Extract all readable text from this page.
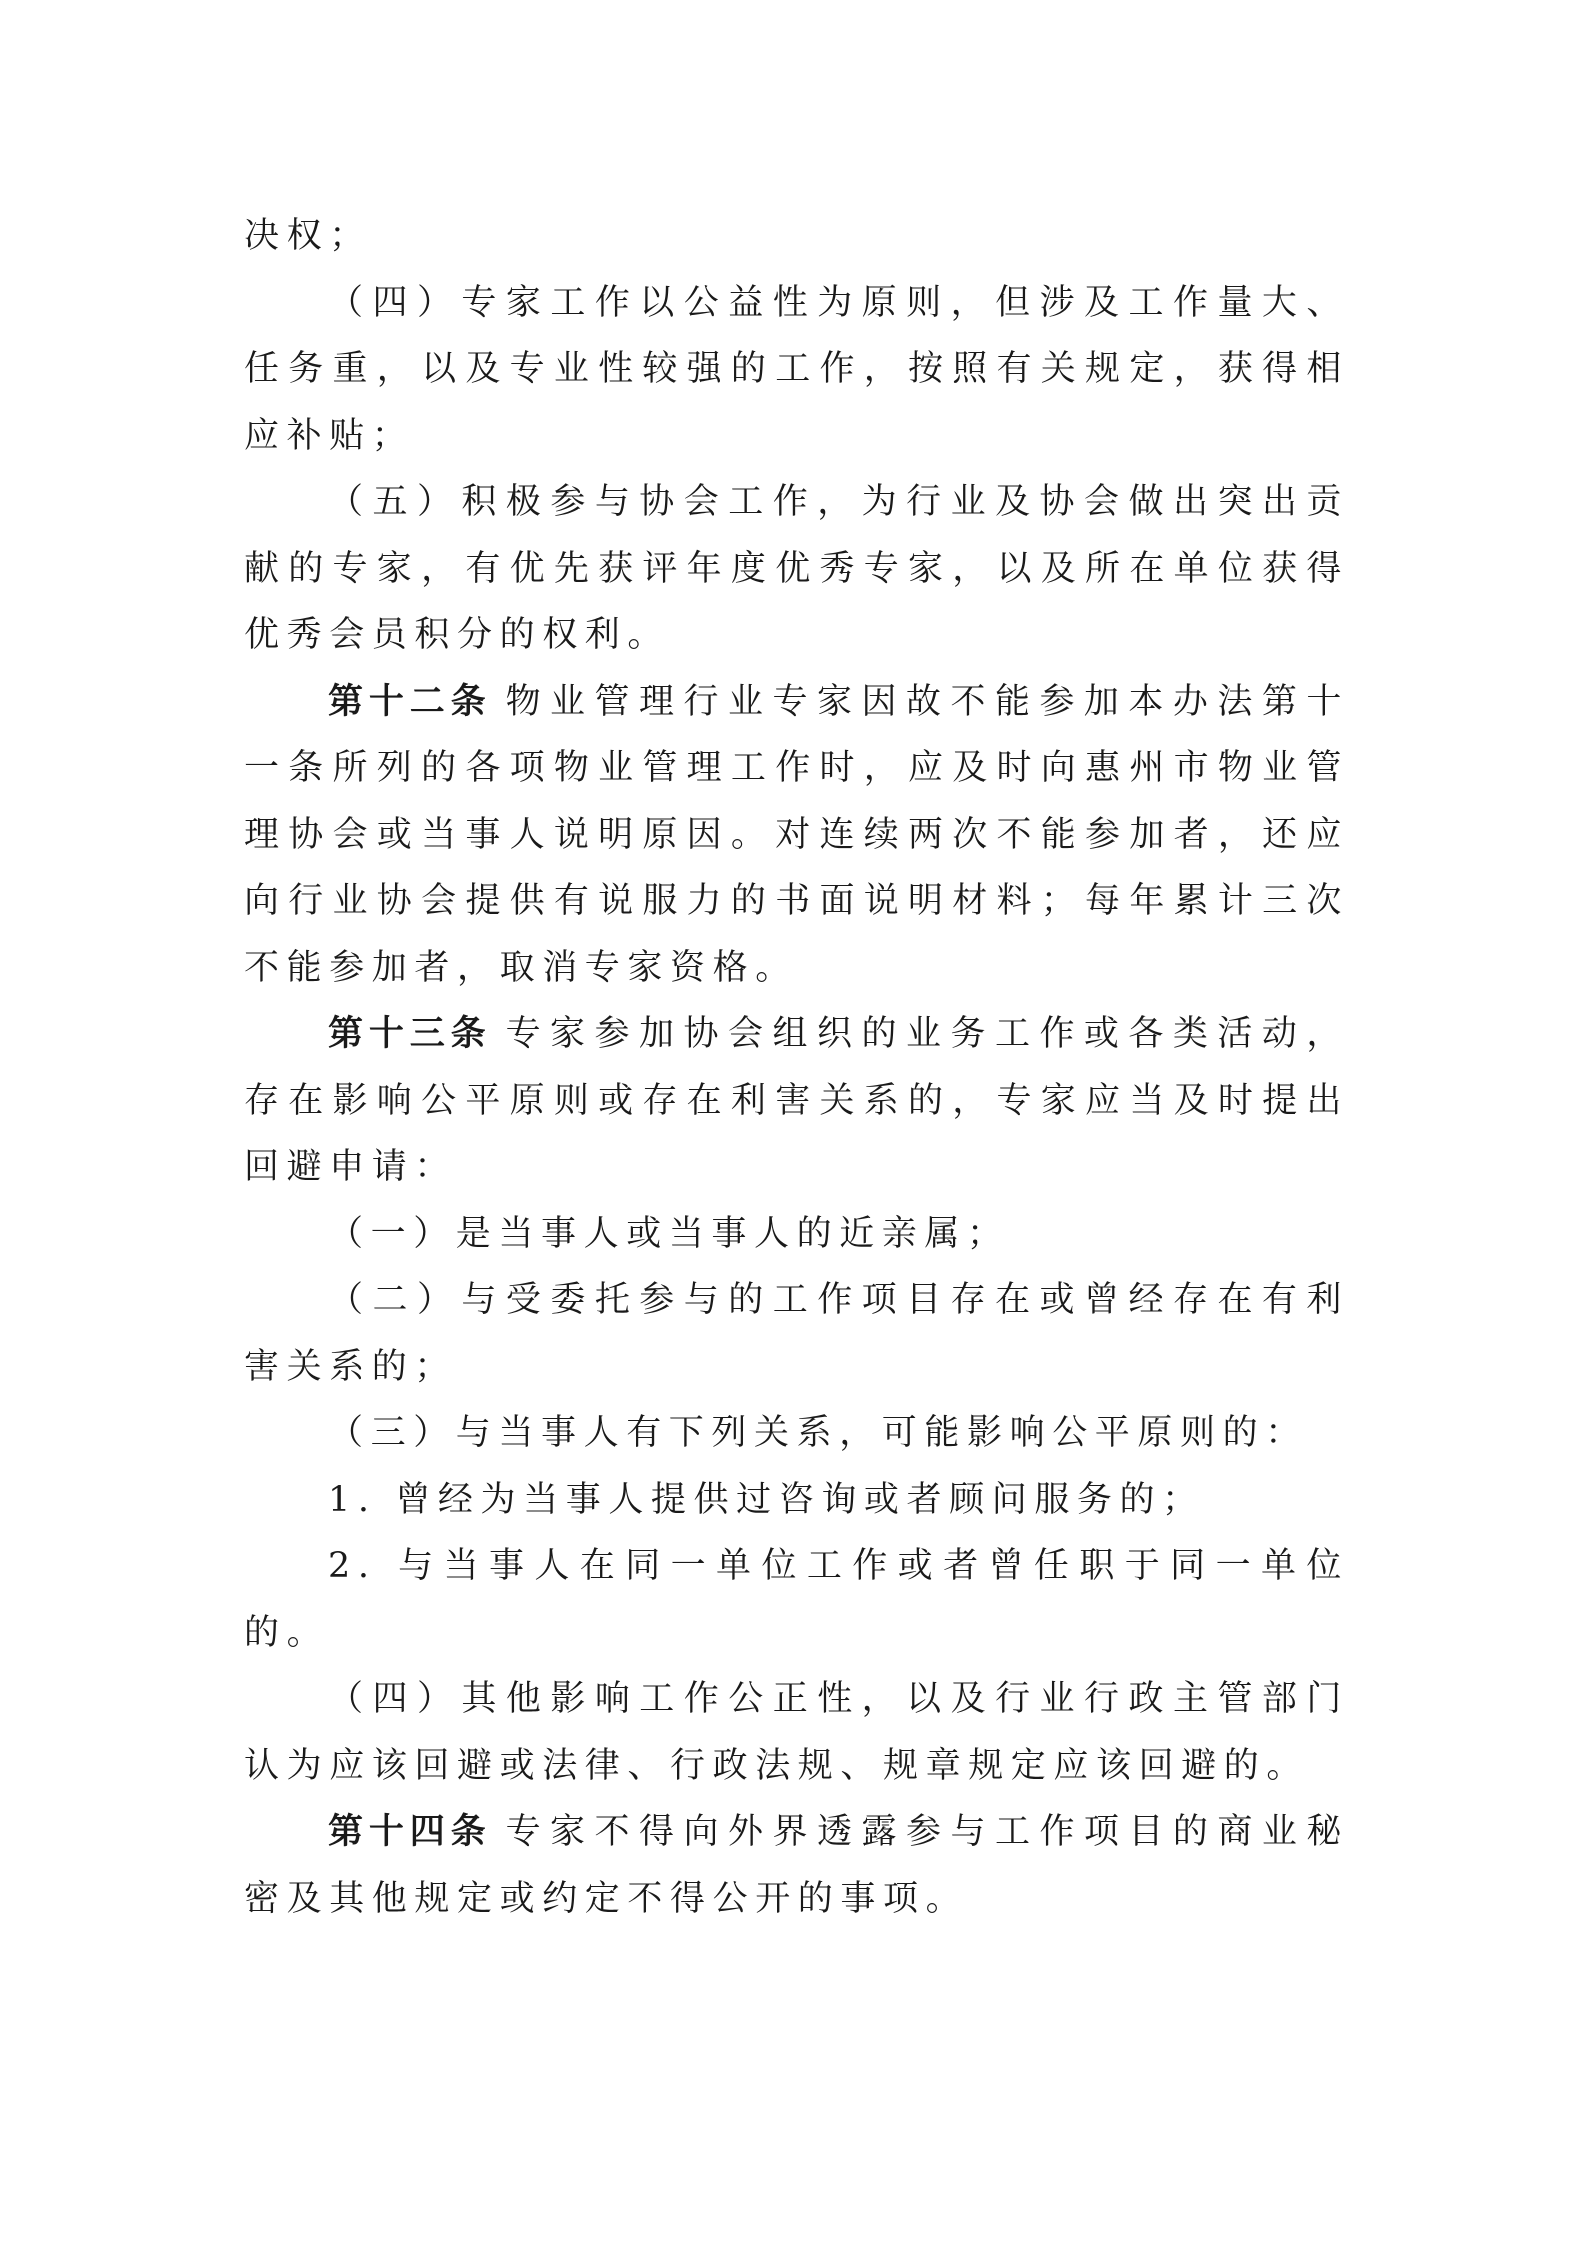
决权；

（四）专家工作以公益性为原则，但涉及工作量大、任务重，以及专业性较强的工作，按照有关规定，获得相应补贴；

（五）积极参与协会工作，为行业及协会做出突出贡献的专家，有优先获评年度优秀专家，以及所在单位获得优秀会员积分的权利。

第十二条 物业管理行业专家因故不能参加本办法第十一条所列的各项物业管理工作时，应及时向惠州市物业管理协会或当事人说明原因。对连续两次不能参加者，还应向行业协会提供有说服力的书面说明材料；每年累计三次不能参加者，取消专家资格。

第十三条 专家参加协会组织的业务工作或各类活动，存在影响公平原则或存在利害关系的，专家应当及时提出回避申请：

（一）是当事人或当事人的近亲属；

（二）与受委托参与的工作项目存在或曾经存在有利害关系的；

（三）与当事人有下列关系，可能影响公平原则的：

1. 曾经为当事人提供过咨询或者顾问服务的；

2. 与当事人在同一单位工作或者曾任职于同一单位的。

（四）其他影响工作公正性，以及行业行政主管部门认为应该回避或法律、行政法规、规章规定应该回避的。

第十四条 专家不得向外界透露参与工作项目的商业秘密及其他规定或约定不得公开的事项。
